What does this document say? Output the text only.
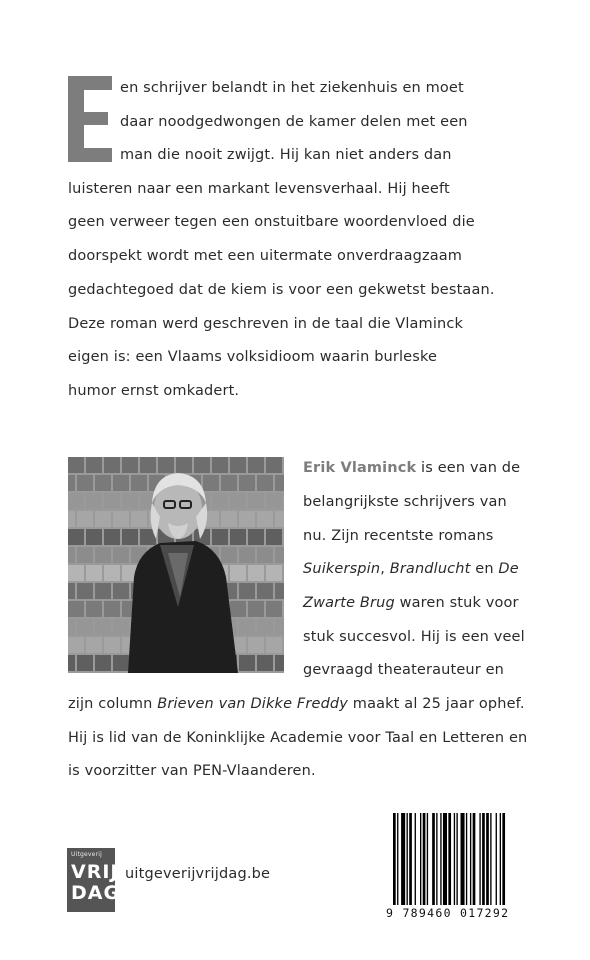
en schrijver belandt in het ziekenhuis en moet
daar noodgedwongen de kamer delen met een
man die nooit zwijgt. Hij kan niet anders dan
luisteren naar een markant levensverhaal. Hij heeft
geen verweer tegen een onstuitbare woordenvloed die
doorspekt wordt met een uitermate onverdraagzaam
gedachtegoed dat de kiem is voor een gekwetst bestaan.
Deze roman werd geschreven in de taal die Vlaminck
eigen is: een Vlaams volksidioom waarin burleske
humor ernst omkadert.
Erik Vlaminck is een van de
belangrijkste schrijvers van
nu. Zijn recentste romans
Suikerspin, Brandlucht en De
Zwarte Brug waren stuk voor
stuk succesvol. Hij is een veel
gevraagd theaterauteur en
zijn column Brieven van Dikke Freddy maakt al 25 jaar ophef.
Hij is lid van de Koninklijke Academie voor Taal en Letteren en
is voorzitter van PEN-Vlaanderen.
Uitgeverij
VRIJ
DAG
uitgeverijvrijdag.be
9 789460 017292
